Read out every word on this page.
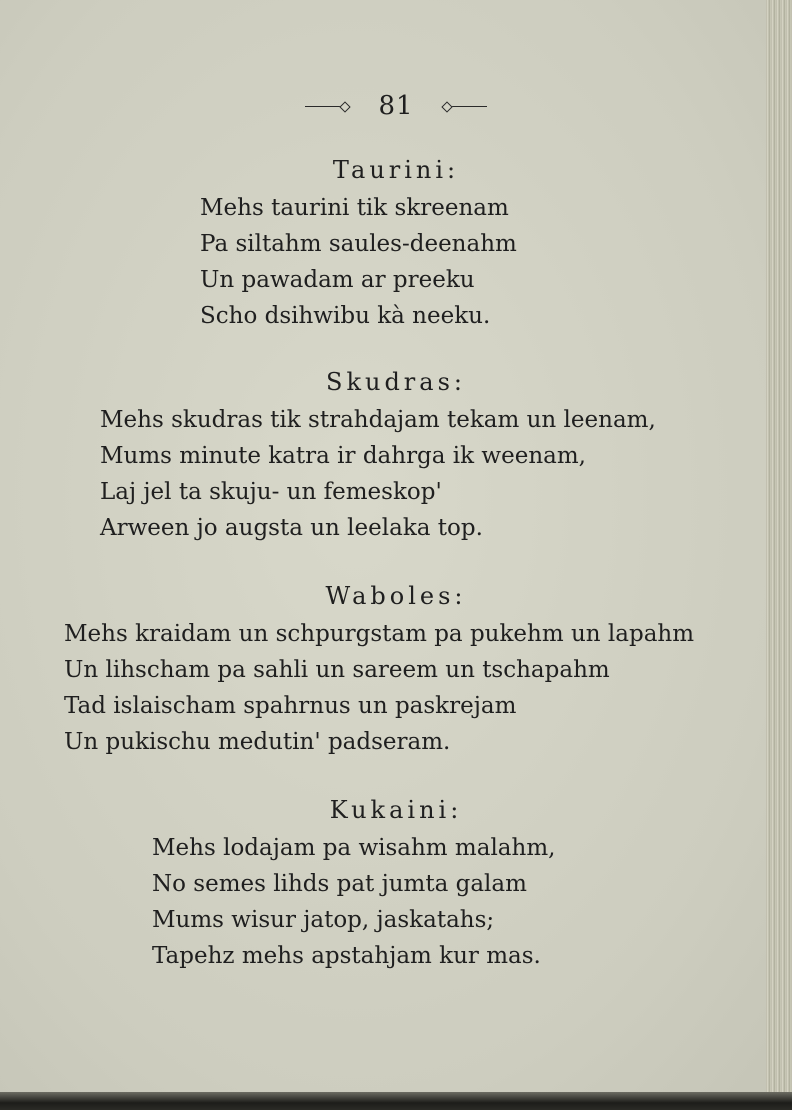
81
Taurini:
Mehs taurini tik skreenam
Pa siltahm saules-deenahm
Un pawadam ar preeku
Scho dsihwibu kà neeku.
Skudras:
Mehs skudras tik strahdajam tekam un leenam,
Mums minute katra ir dahrga ik weenam,
Laj jel ta skuju- un femeskop'
Arween jo augsta un leelaka top.
Waboles:
Mehs kraidam un schpurgstam pa pukehm un lapahm
Un lihscham pa sahli un sareem un tschapahm
Tad islaischam spahrnus un paskrejam
Un pukischu medutin' padseram.
Kukaini:
Mehs lodajam pa wisahm malahm,
No semes lihds pat jumta galam
Mums wisur jatop, jaskatahs;
Tapehz mehs apstahjam kur mas.
